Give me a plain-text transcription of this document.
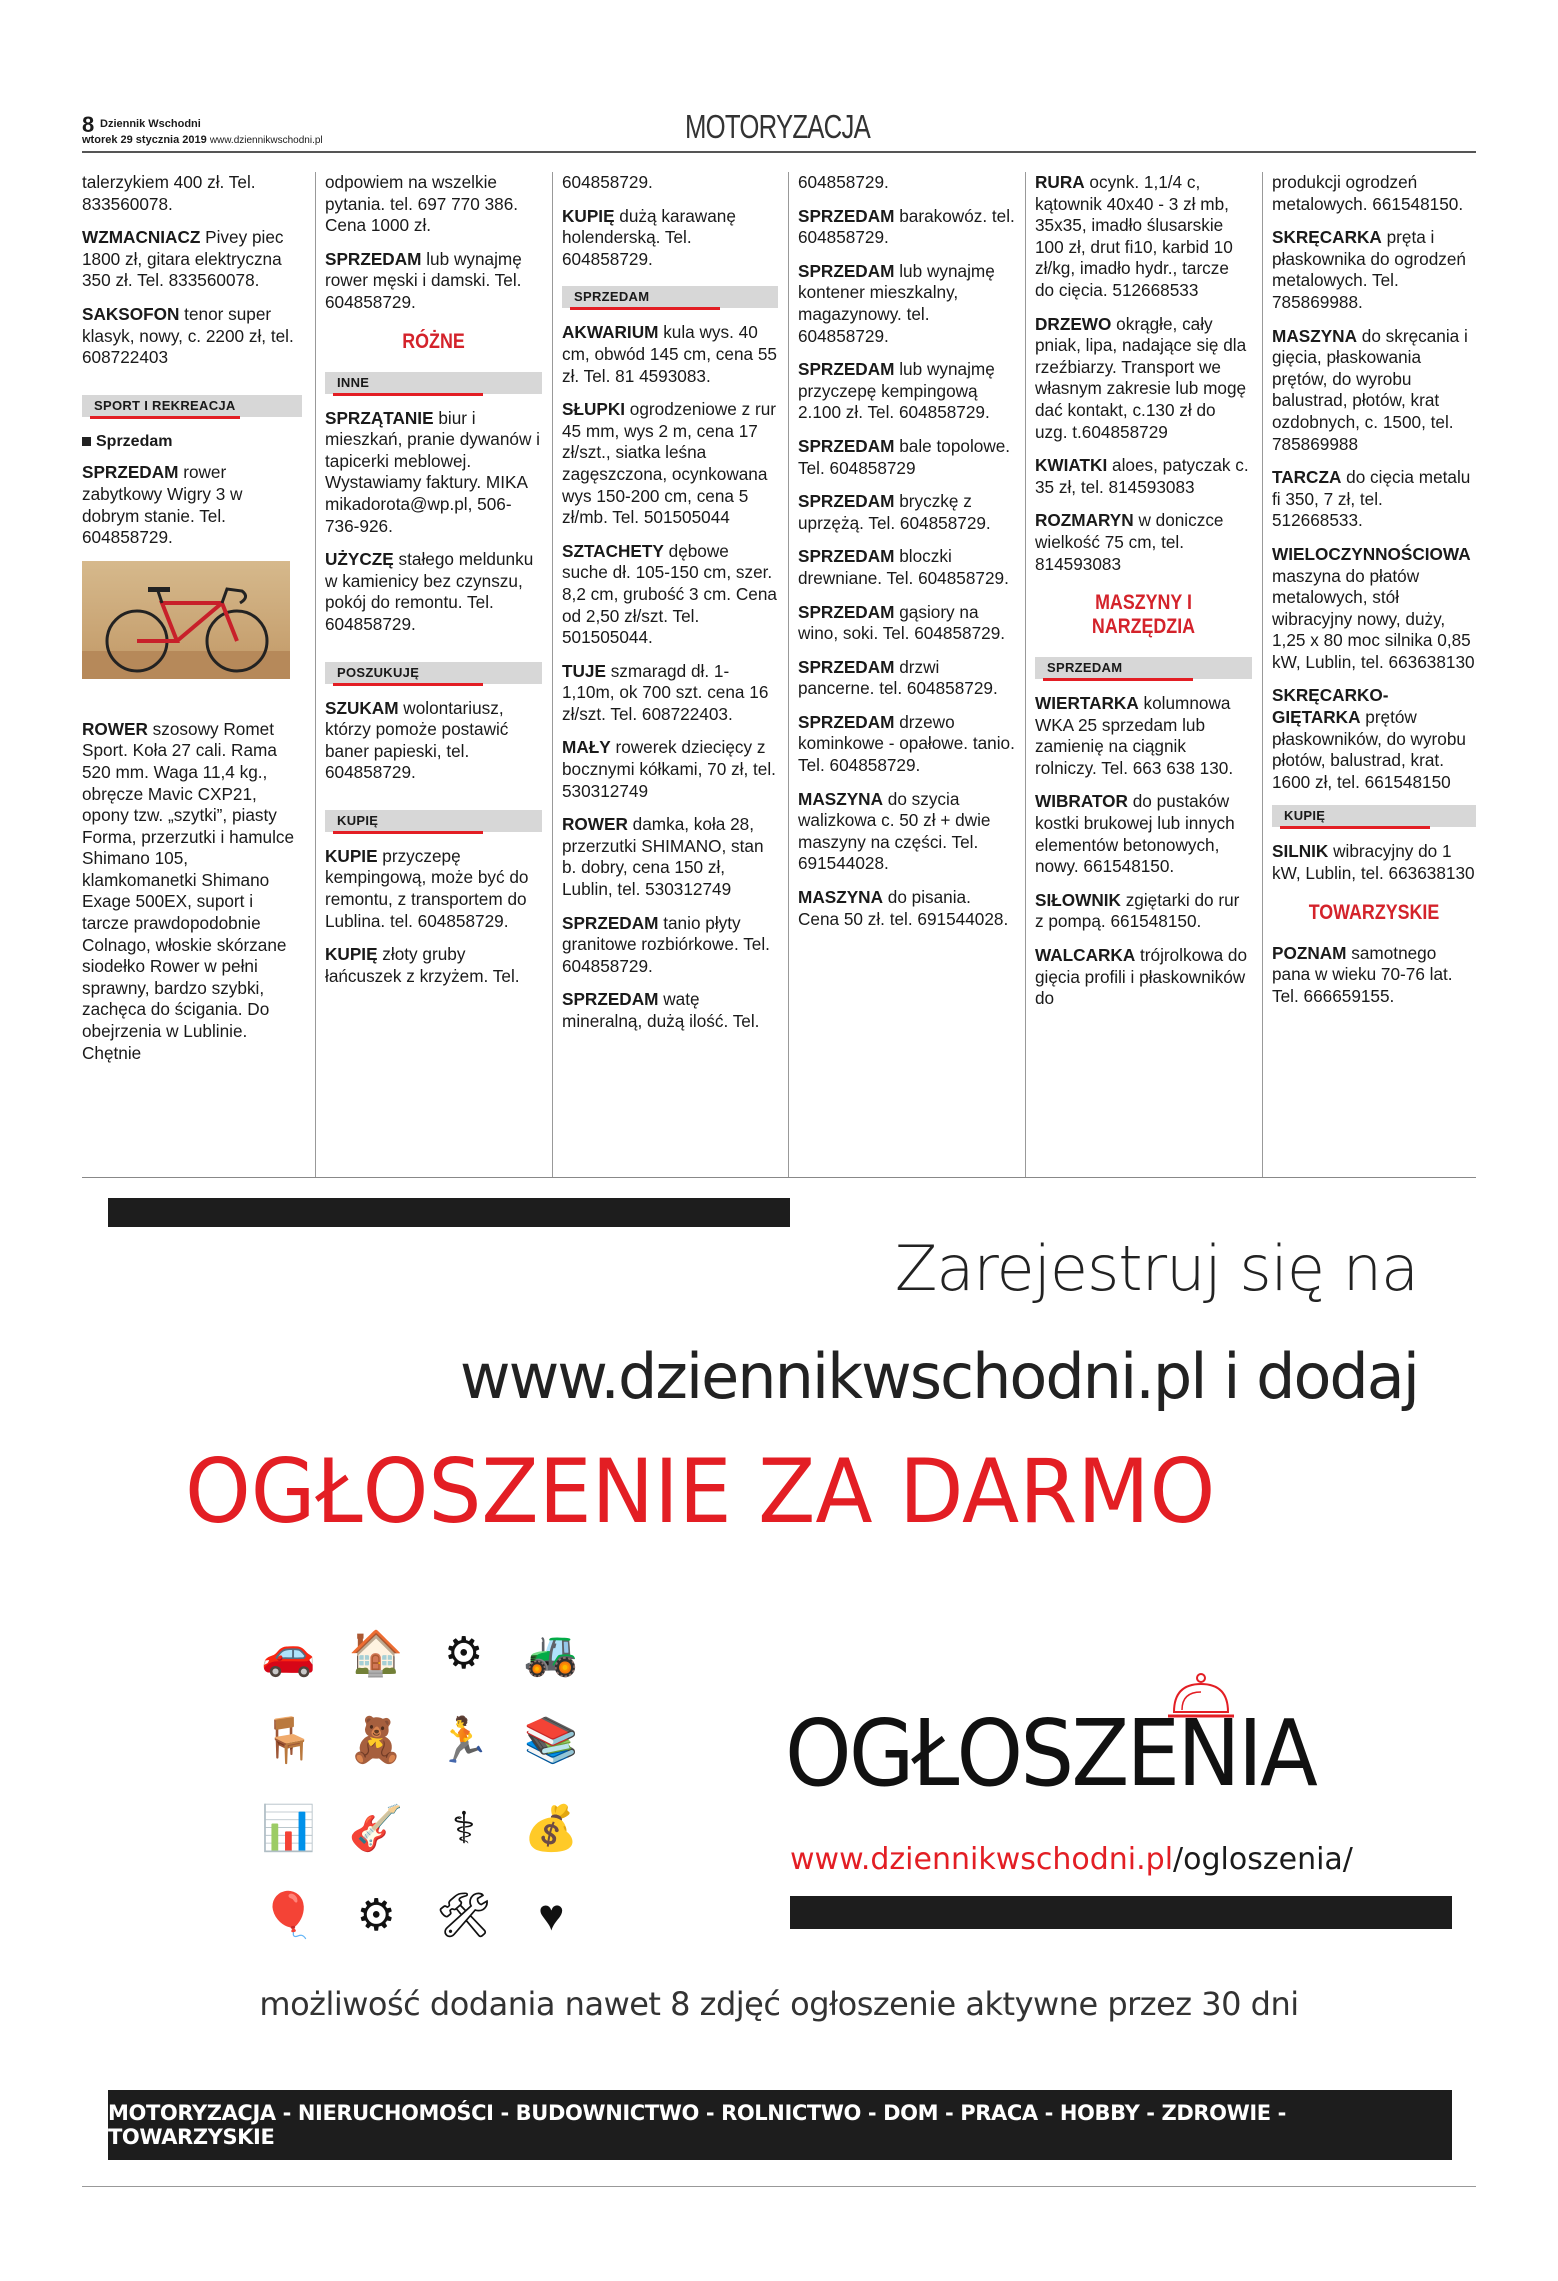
8 Dziennik Wschodni
wtorek 29 stycznia 2019 www.dziennikwschodni.pl	MOTORYZACJA
talerzykiem 400 zł. Tel. 833560078.
WZMACNIACZ Pivey piec 1800 zł, gitara elektryczna 350 zł. Tel. 833560078.
SAKSOFON tenor super klasyk, nowy, c. 2200 zł, tel. 608722403
SPORT I REKREACJA
Sprzedam
SPRZEDAM rower zabytkowy Wigry 3 w dobrym stanie. Tel. 604858729.
ROWER szosowy Romet Sport. Koła 27 cali. Rama 520 mm. Waga 11,4 kg., obręcze Mavic CXP21, opony tzw. „szytki”, piasty Forma, przerzutki i hamulce Shimano 105, klamkomanetki Shimano Exage 500EX, suport i tarcze prawdopodobnie Colnago, włoskie skórzane siodełko Rower w pełni sprawny, bardzo szybki, zachęca do ścigania. Do obejrzenia w Lublinie. Chętnie
odpowiem na wszelkie pytania. tel. 697 770 386. Cena 1000 zł.
SPRZEDAM lub wynajmę rower męski i damski. Tel. 604858729.
RÓŻNE
INNE
SPRZĄTANIE biur i mieszkań, pranie dywanów i tapicerki meblowej. Wystawiamy faktury. MIKA mikadorota@wp.pl, 506-736-926.
UŻYCZĘ stałego meldunku w kamienicy bez czynszu, pokój do remontu. Tel. 604858729.
POSZUKUJĘ
SZUKAM wolontariusz, którzy pomoże postawić baner papieski, tel. 604858729.
KUPIĘ
KUPIE przyczepę kempingową, może być do remontu, z transportem do Lublina. tel. 604858729.
KUPIĘ złoty gruby łańcuszek z krzyżem. Tel.
604858729.
KUPIĘ dużą karawanę holenderską. Tel. 604858729.
SPRZEDAM
AKWARIUM kula wys. 40 cm, obwód 145 cm, cena 55 zł. Tel. 81 4593083.
SŁUPKI ogrodzeniowe z rur 45 mm, wys 2 m, cena 17 zł/szt., siatka leśna zagęszczona, ocynkowana wys 150-200 cm, cena 5 zł/mb. Tel. 501505044
SZTACHETY dębowe suche dł. 105-150 cm, szer. 8,2 cm, grubość 3 cm. Cena od 2,50 zł/szt. Tel. 501505044.
TUJE szmaragd dł. 1-1,10m, ok 700 szt. cena 16 zł/szt. Tel. 608722403.
MAŁY rowerek dziecięcy z bocznymi kółkami, 70 zł, tel. 530312749
ROWER damka, koła 28, przerzutki SHIMANO, stan b. dobry, cena 150 zł, Lublin, tel. 530312749
SPRZEDAM tanio płyty granitowe rozbiórkowe. Tel. 604858729.
SPRZEDAM watę mineralną, dużą ilość. Tel.
604858729.
SPRZEDAM barakowóz. tel. 604858729.
SPRZEDAM lub wynajmę kontener mieszkalny, magazynowy. tel. 604858729.
SPRZEDAM lub wynajmę przyczepę kempingową 2.100 zł. Tel. 604858729.
SPRZEDAM bale topolowe. Tel. 604858729
SPRZEDAM bryczkę z uprzężą. Tel. 604858729.
SPRZEDAM bloczki drewniane. Tel. 604858729.
SPRZEDAM gąsiory na wino, soki. Tel. 604858729.
SPRZEDAM drzwi pancerne. tel. 604858729.
SPRZEDAM drzewo kominkowe - opałowe. tanio. Tel. 604858729.
MASZYNA do szycia walizkowa c. 50 zł + dwie maszyny na części. Tel. 691544028.
MASZYNA do pisania. Cena 50 zł. tel. 691544028.
RURA ocynk. 1,1/4 c, kątownik 40x40 - 3 zł mb, 35x35, imadło ślusarskie 100 zł, drut fi10, karbid 10 zł/kg, imadło hydr., tarcze do cięcia. 512668533
DRZEWO okrągłe, cały pniak, lipa, nadające się dla rzeźbiarzy. Transport we własnym zakresie lub mogę dać kontakt, c.130 zł do uzg. t.604858729
KWIATKI aloes, patyczak c. 35 zł, tel. 814593083
ROZMARYN w doniczce wielkość 75 cm, tel. 814593083
MASZYNY I NARZĘDZIA
SPRZEDAM
WIERTARKA kolumnowa WKA 25 sprzedam lub zamienię na ciągnik rolniczy. Tel. 663 638 130.
WIBRATOR do pustaków kostki brukowej lub innych elementów betonowych, nowy. 661548150.
SIŁOWNIK zgiętarki do rur z pompą. 661548150.
WALCARKA trójrolkowa do gięcia profili i płaskowników do
produkcji ogrodzeń metalowych. 661548150.
SKRĘCARKA pręta i płaskownika do ogrodzeń metalowych. Tel. 785869988.
MASZYNA do skręcania i gięcia, płaskowania prętów, do wyrobu balustrad, płotów, krat ozdobnych, c. 1500, tel. 785869988
TARCZA do cięcia metalu fi 350, 7 zł, tel. 512668533.
WIELOCZYNNOŚCIOWA maszyna do płatów metalowych, stół wibracyjny nowy, duży, 1,25 x 80 moc silnika 0,85 kW, Lublin, tel. 663638130
SKRĘCARKO-GIĘTARKA prętów płaskowników, do wyrobu płotów, balustrad, krat. 1600 zł, tel. 661548150
KUPIĘ
SILNIK wibracyjny do 1 kW, Lublin, tel. 663638130
TOWARZYSKIE
POZNAM samotnego pana w wieku 70-76 lat. Tel. 666659155.
Zarejestruj się na
www.dziennikwschodni.pl i dodaj
OGŁOSZENIE ZA DARMO
🚗 🏠 ⚙ 🚜
🪑 🧸 🏃 📚
📊 🎸 ⚕ 💰
🎈 ⚙ 🛠 ♥
OGŁOSZENIA
www.dziennikwschodni.pl/ogloszenia/
możliwość dodania nawet 8 zdjęć ogłoszenie aktywne przez 30 dni
MOTORYZACJA - NIERUCHOMOŚCI - BUDOWNICTWO - ROLNICTWO - DOM - PRACA - HOBBY - ZDROWIE - TOWARZYSKIE
